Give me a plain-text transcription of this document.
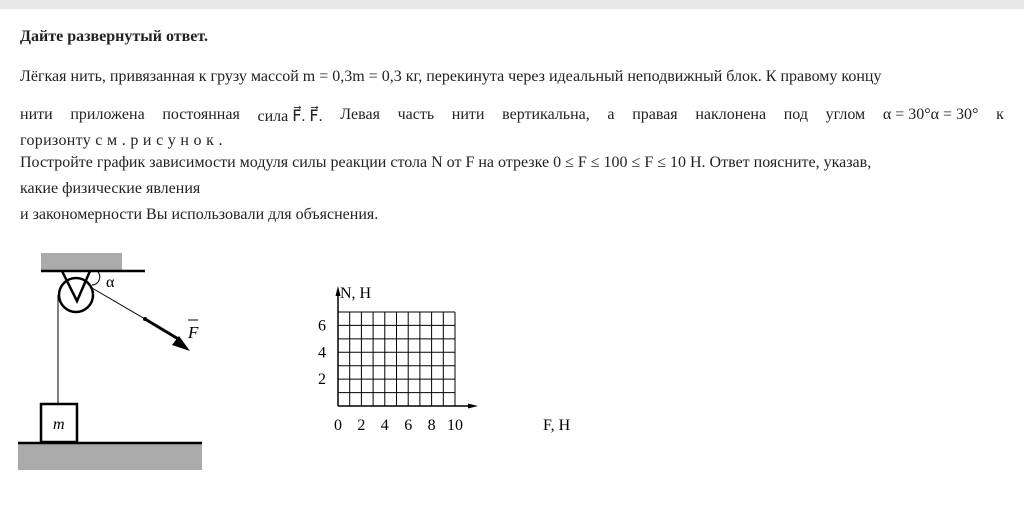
Дайте развернутый ответ.
Лёгкая нить, привязанная к грузу массой m = 0,3m = 0,3 кг, перекинута через идеальный неподвижный блок. К правому концу
нити приложена постоянная сила F⃗. F⃗. Левая часть нити вертикальна, а правая наклонена под углом α = 30°α = 30° к
горизонту с м . р и с у н о к .
Постройте график зависимости модуля силы реакции стола N от F на отрезке 0 ≤ F ≤ 100 ≤ F ≤ 10 Н. Ответ поясните, указав,
какие физические явления
и закономерности Вы использовали для объяснения.
α
F
m	0 2 4 6 8 10
2
4
6
F, Н
N, Н
